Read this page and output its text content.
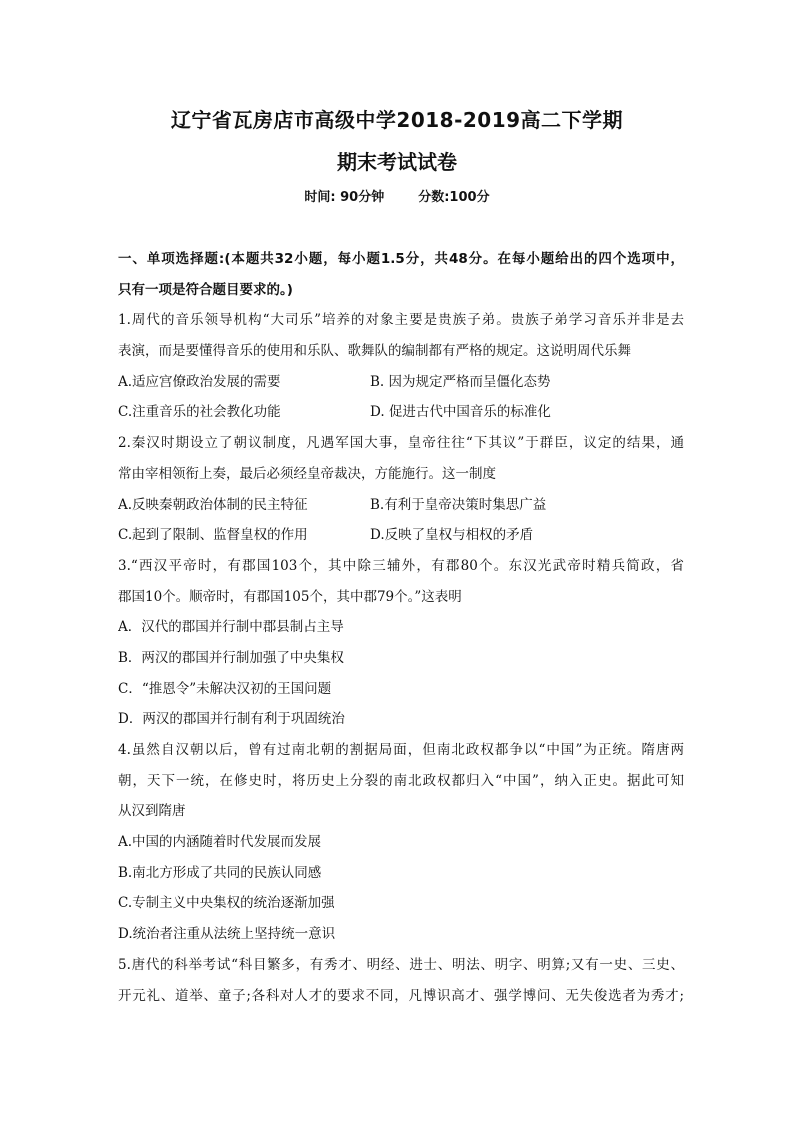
辽宁省瓦房店市高级中学2018-2019高二下学期
期末考试试卷
时间: 90分钟	分数:100分
一、单项选择题:(本题共32小题，每小题1.5分，共48分。在每小题给出的四个选项中，
只有一项是符合题目要求的。)
1.周代的音乐领导机构“大司乐”培养的对象主要是贵族子弟。贵族子弟学习音乐并非是去
表演，而是要懂得音乐的使用和乐队、歌舞队的编制都有严格的规定。这说明周代乐舞
A.适应宫僚政治发展的需要	B. 因为规定严格而呈僵化态势
C.注重音乐的社会教化功能	D. 促进古代中国音乐的标准化
2.秦汉时期设立了朝议制度，凡遇军国大事，皇帝往往“下其议”于群臣，议定的结果，通
常由宰相领衔上奏，最后必须经皇帝裁决，方能施行。这一制度
A.反映秦朝政治体制的民主特征	B.有利于皇帝决策时集思广益
C.起到了限制、监督皇权的作用	D.反映了皇权与相权的矛盾
3.“西汉平帝时，有郡国103个，其中除三辅外，有郡80个。东汉光武帝时精兵简政，省
郡国10个。顺帝时，有郡国105个，其中郡79个。”这表明
A．汉代的郡国并行制中郡县制占主导
B．两汉的郡国并行制加强了中央集权
C．“推恩令”未解决汉初的王国问题
D．两汉的郡国并行制有利于巩固统治
4.虽然自汉朝以后，曾有过南北朝的割据局面，但南北政权都争以“中国”为正统。隋唐两
朝，天下一统，在修史时，将历史上分裂的南北政权都归入“中国”，纳入正史。据此可知
从汉到隋唐
A.中国的内涵随着时代发展而发展
B.南北方形成了共同的民族认同感
C.专制主义中央集权的统治逐渐加强
D.统治者注重从法统上坚持统一意识
5.唐代的科举考试“科目繁多，有秀才、明经、进士、明法、明字、明算;又有一史、三史、
开元礼、道举、童子;各科对人才的要求不同，凡博识高才、强学博问、无失俊选者为秀才;
